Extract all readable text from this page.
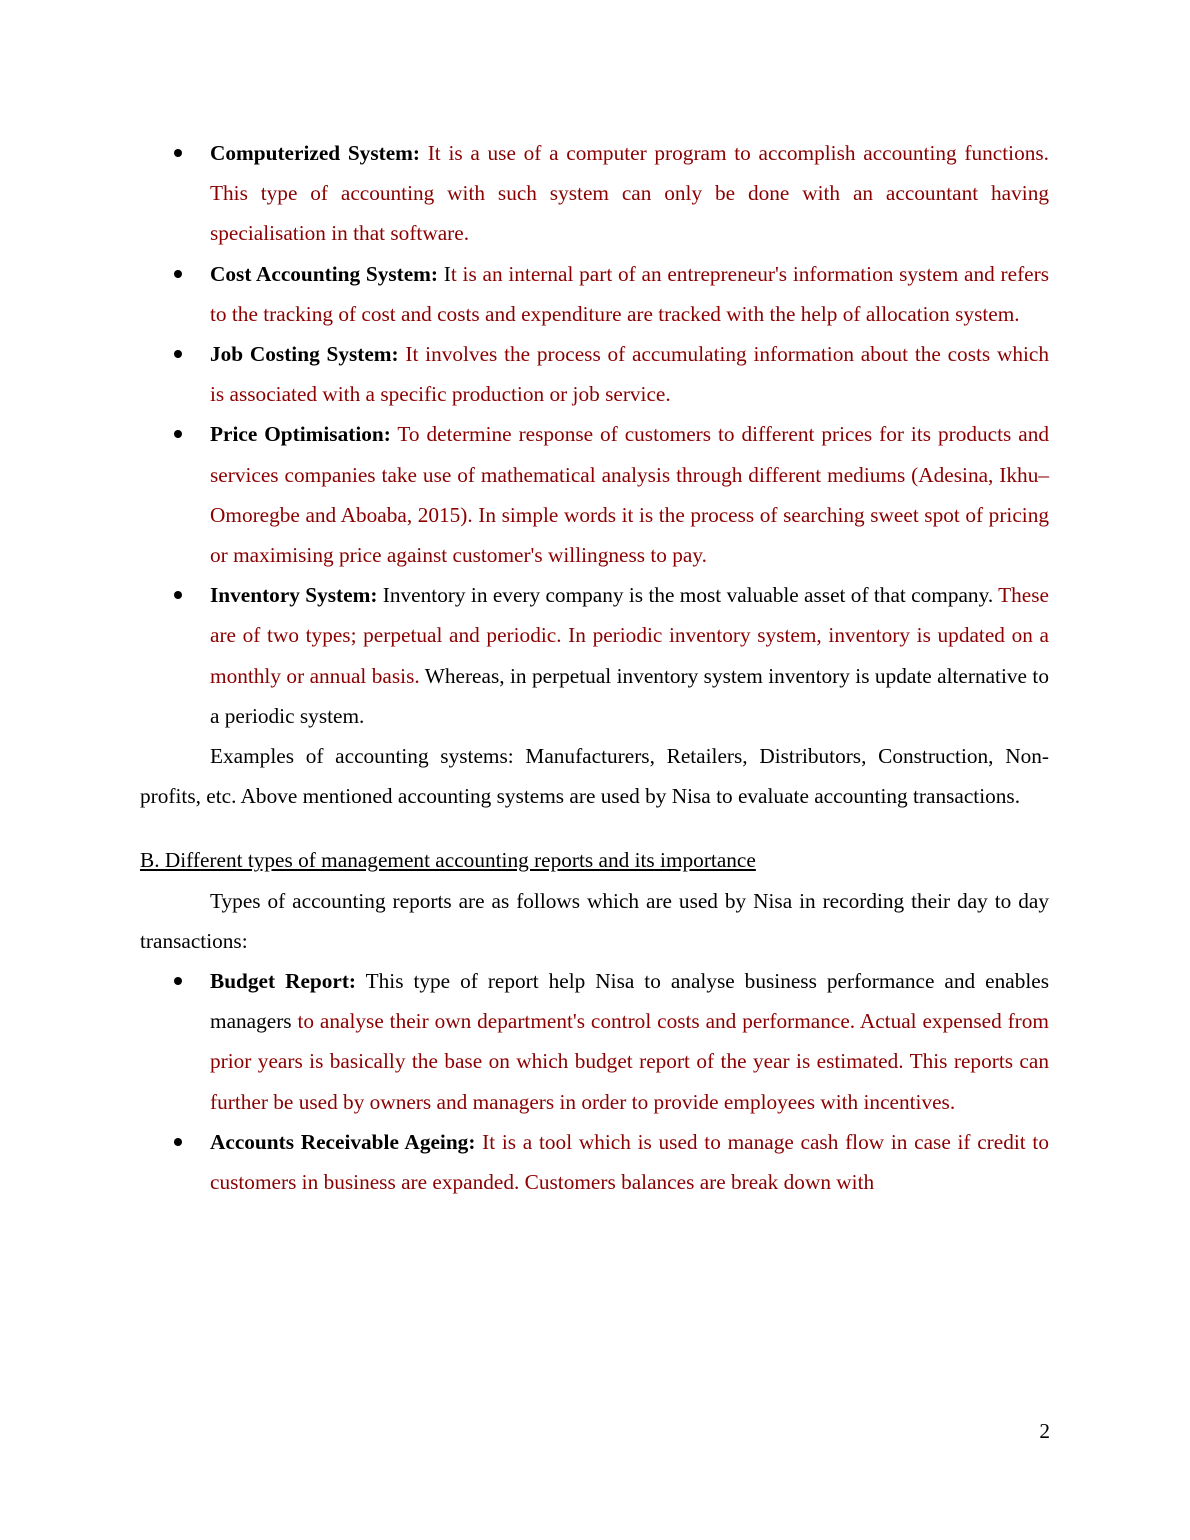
Computerized System: It is a use of a computer program to accomplish accounting functions. This type of accounting with such system can only be done with an accountant having specialisation in that software.
Cost Accounting System: It is an internal part of an entrepreneur's information system and refers to the tracking of cost and costs and expenditure are tracked with the help of allocation system.
Job Costing System: It involves the process of accumulating information about the costs which is associated with a specific production or job service.
Price Optimisation: To determine response of customers to different prices for its products and services companies take use of mathematical analysis through different mediums (Adesina, Ikhu–Omoregbe and Aboaba, 2015). In simple words it is the process of searching sweet spot of pricing or maximising price against customer's willingness to pay.
Inventory System: Inventory in every company is the most valuable asset of that company. These are of two types; perpetual and periodic. In periodic inventory system, inventory is updated on a monthly or annual basis. Whereas, in perpetual inventory system inventory is update alternative to a periodic system.

Examples of accounting systems: Manufacturers, Retailers, Distributors, Construction, Non-profits, etc. Above mentioned accounting systems are used by Nisa to evaluate accounting transactions.

B. Different types of management accounting reports and its importance

Types of accounting reports are as follows which are used by Nisa in recording their day to day transactions:

Budget Report: This type of report help Nisa to analyse business performance and enables managers to analyse their own department's control costs and performance. Actual expensed from prior years is basically the base on which budget report of the year is estimated. This reports can further be used by owners and managers in order to provide employees with incentives.
Accounts Receivable Ageing: It is a tool which is used to manage cash flow in case if credit to customers in business are expanded. Customers balances are break down with
2
